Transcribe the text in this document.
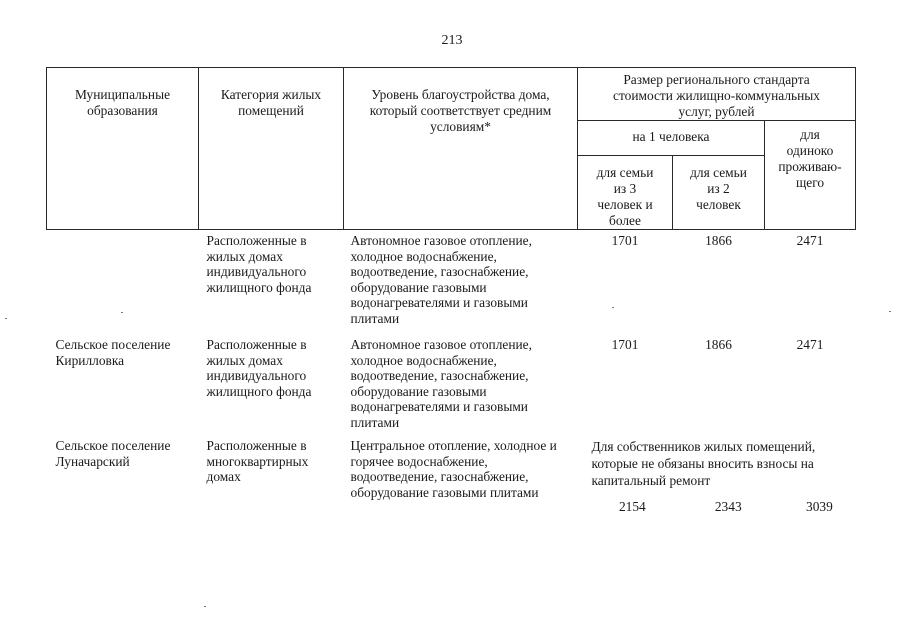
213
Муниципальные образования	Категория жилых помещений	Уровень благоустройства дома, который соответствует средним условиям*	Размер регионального стандарта стоимости жилищно-коммунальных услуг, рублей		

			на 1 человека		для одиноко проживаю-щего

			для семьи из 3 человек и более	для семьи из 2 человек	

	Расположенные в жилых домах индивидуального жилищного фонда	Автономное газовое отопление, холодное водоснабжение, водоотведение, газоснабжение, оборудование газовыми водонагревателями и газовыми плитами	1701	1866	2471
Сельское поселение Кирилловка	Расположенные в жилых домах индивидуального жилищного фонда	Автономное газовое отопление, холодное водоснабжение, водоотведение, газоснабжение, оборудование газовыми водонагревателями и газовыми плитами	1701	1866	2471
Сельское поселение Луначарский	Расположенные в многоквартирных домах	Центральное отопление, холодное и горячее водоснабжение, водоотведение, газоснабжение, оборудование газовыми плитами	Для собственников жилых помещений, которые не обязаны вносить взносы на капитальный ремонт
2154 2343 3039		
